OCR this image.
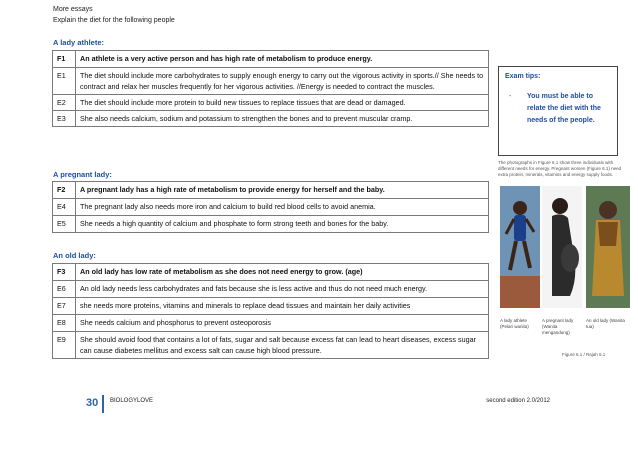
More essays
Explain the diet for the following people
A lady athlete:
F1	An athlete is a very active person and has high rate of metabolism to produce energy.
E1	The diet should include more carbohydrates to supply enough energy to carry out the vigorous activity in sports.// She needs to contract and relax her muscles frequently for her vigorous activities. //Energy is needed to contract the muscles.
E2	The diet should include more protein to build new tissues to replace tissues that are dead or damaged.
E3	She also needs calcium, sodium and potassium to strengthen the bones and to prevent muscular cramp.
A pregnant lady:
F2	A pregnant lady has a high rate of metabolism to provide energy for herself and the baby.
E4	The pregnant lady also needs more iron and calcium to build red blood cells to avoid anemia.
E5	She needs a high quantity of calcium and phosphate to form strong teeth and bones for the baby.
An old lady:
F3	An old lady has low rate of metabolism as she does not need energy to grow. (age)
E6	An old lady needs less carbohydrates and fats because she is less active and thus do not need much energy.
E7	she needs more proteins, vitamins and minerals to replace dead tissues and maintain her daily activities
E8	She needs calcium and phosphorus to prevent osteoporosis
E9	She should avoid food that contains a lot of fats, sugar and salt because excess fat can lead to heart diseases, excess sugar can cause diabetes mellitus and excess salt can cause high blood pressure.
Exam tips:
- You must be able to relate the diet with the needs of the people.
The photographs in Figure 6.1 show three individuals with different needs for energy. Pregnant women (Figure 6.1) need extra protein, minerals, vitamins and energy supply foods.
A lady athlete (Pelari wanita)
A pregnant lady (Wanita mengandung)
An old lady (Wanita tua)
Figure 6.1 / Rajah 6.1
30 BIOLOGYLOVE	second edition 2.0/2012
